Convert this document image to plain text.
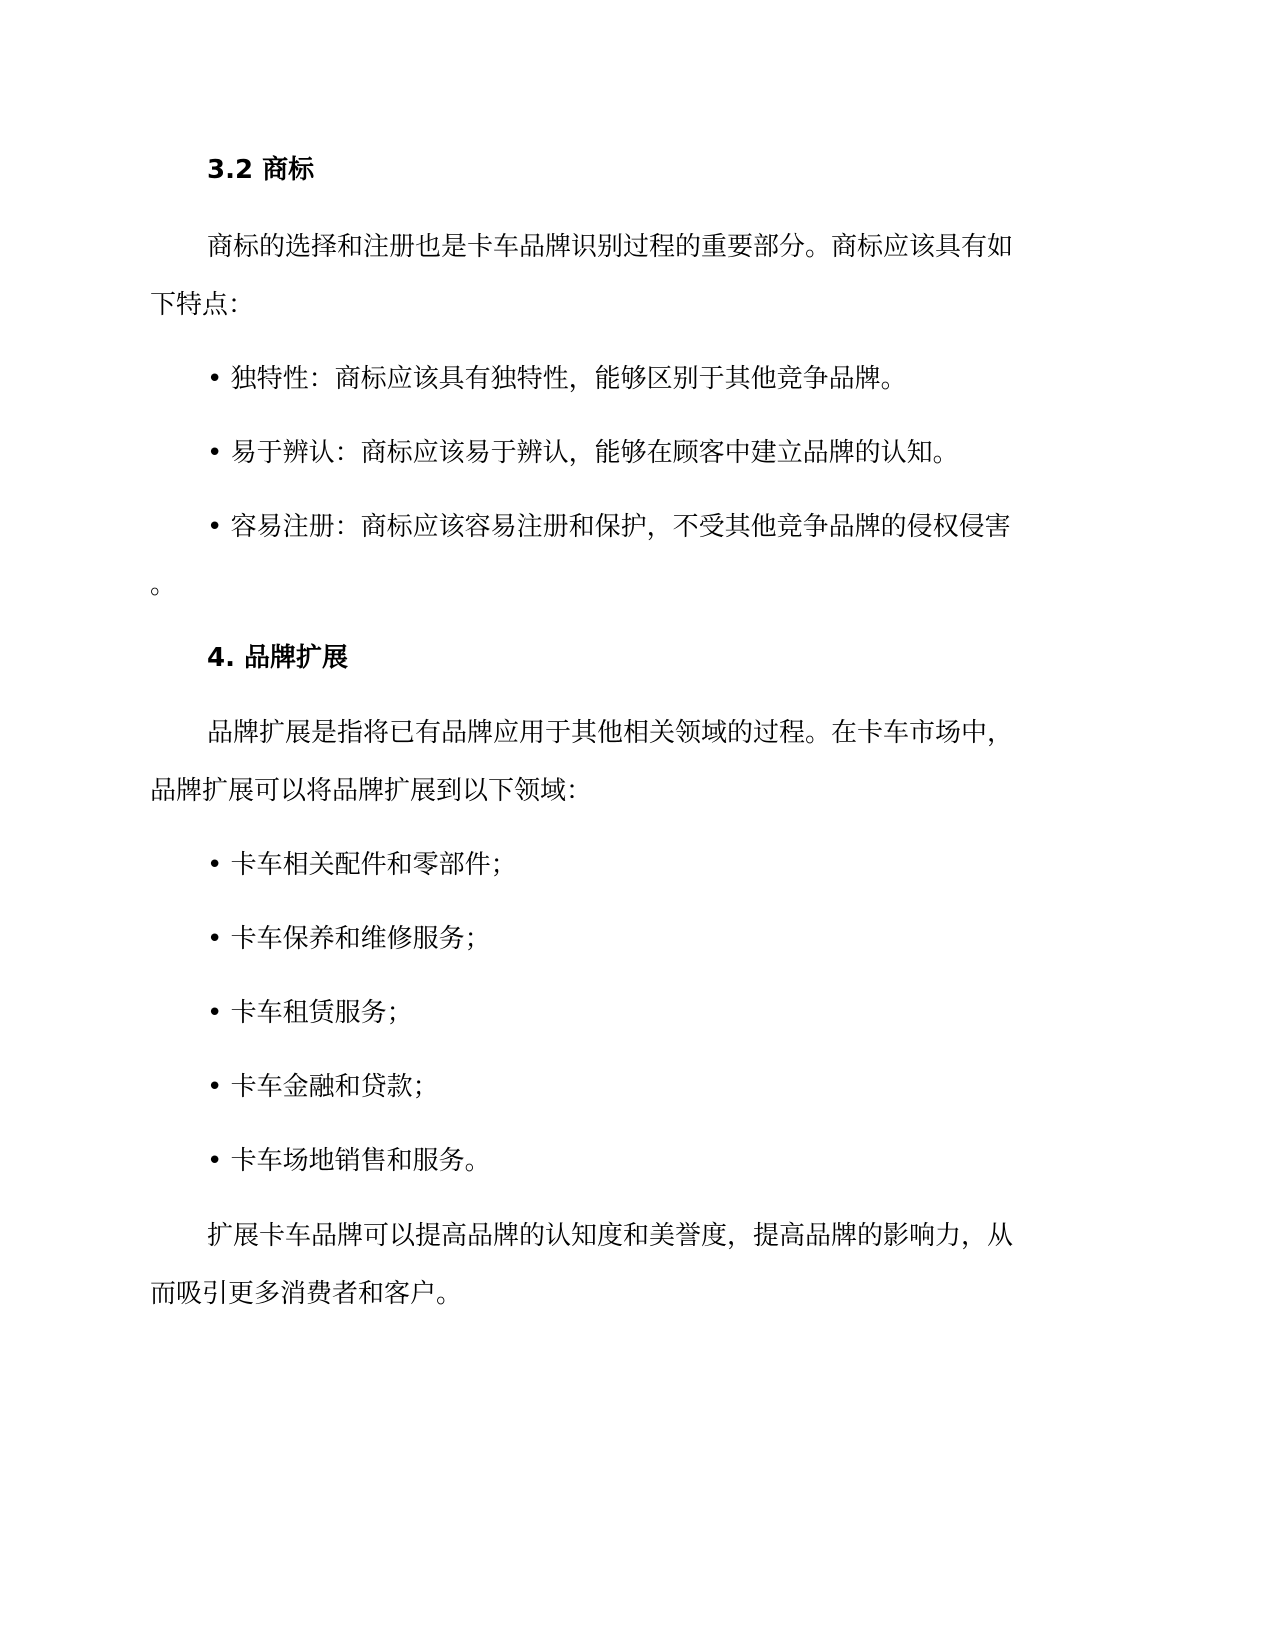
3.2 商标
商标的选择和注册也是卡车品牌识别过程的重要部分。商标应该具有如
下特点：
• 独特性：商标应该具有独特性，能够区别于其他竞争品牌。
• 易于辨认：商标应该易于辨认，能够在顾客中建立品牌的认知。
• 容易注册：商标应该容易注册和保护，不受其他竞争品牌的侵权侵害
。
4. 品牌扩展
品牌扩展是指将已有品牌应用于其他相关领域的过程。在卡车市场中，
品牌扩展可以将品牌扩展到以下领域：
• 卡车相关配件和零部件；
• 卡车保养和维修服务；
• 卡车租赁服务；
• 卡车金融和贷款；
• 卡车场地销售和服务。
扩展卡车品牌可以提高品牌的认知度和美誉度，提高品牌的影响力，从
而吸引更多消费者和客户。
